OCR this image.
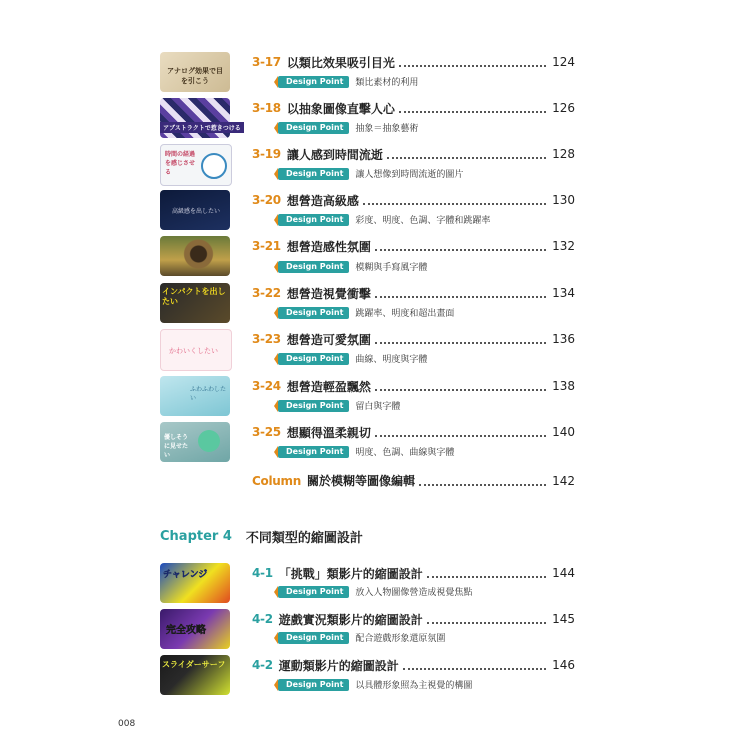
アナログ効果で目を引こう
3-17 以類比效果吸引目光	124
Design Point	類比素材的利用
アブストラクトで惹きつける
3-18 以抽象圖像直擊人心	126
Design Point	抽象＝抽象藝術
時間の経過を感じさせる
3-19 讓人感到時間流逝	128
Design Point	讓人想像到時間流逝的圖片
高級感を出したい
3-20 想營造高級感	130
Design Point	彩度、明度、色調、字體和跳躍率
3-21 想營造感性氛圍	132
Design Point	模糊與手寫風字體
インパクトを出したい
3-22 想營造視覺衝擊	134
Design Point	跳躍率、明度和超出畫面
かわいくしたい
3-23 想營造可愛氛圍	136
Design Point	曲線、明度與字體
ふわふわしたい
3-24 想營造輕盈飄然	138
Design Point	留白與字體
優しそうに見せたい
3-25 想顯得溫柔親切	140
Design Point	明度、色調、曲線與字體
Column 關於模糊等圖像編輯	142
Chapter 4 不同類型的縮圖設計
チャレンジ	4-1 「挑戰」類影片的縮圖設計	144
Design Point	放入人物圖像營造成視覺焦點
完全攻略
4-2 遊戲實況類影片的縮圖設計	145
Design Point	配合遊戲形象還原氛圍
スライダーサーフ 4-2 運動類影片的縮圖設計	146
Design Point	以具體形象照為主視覺的構圖
008
